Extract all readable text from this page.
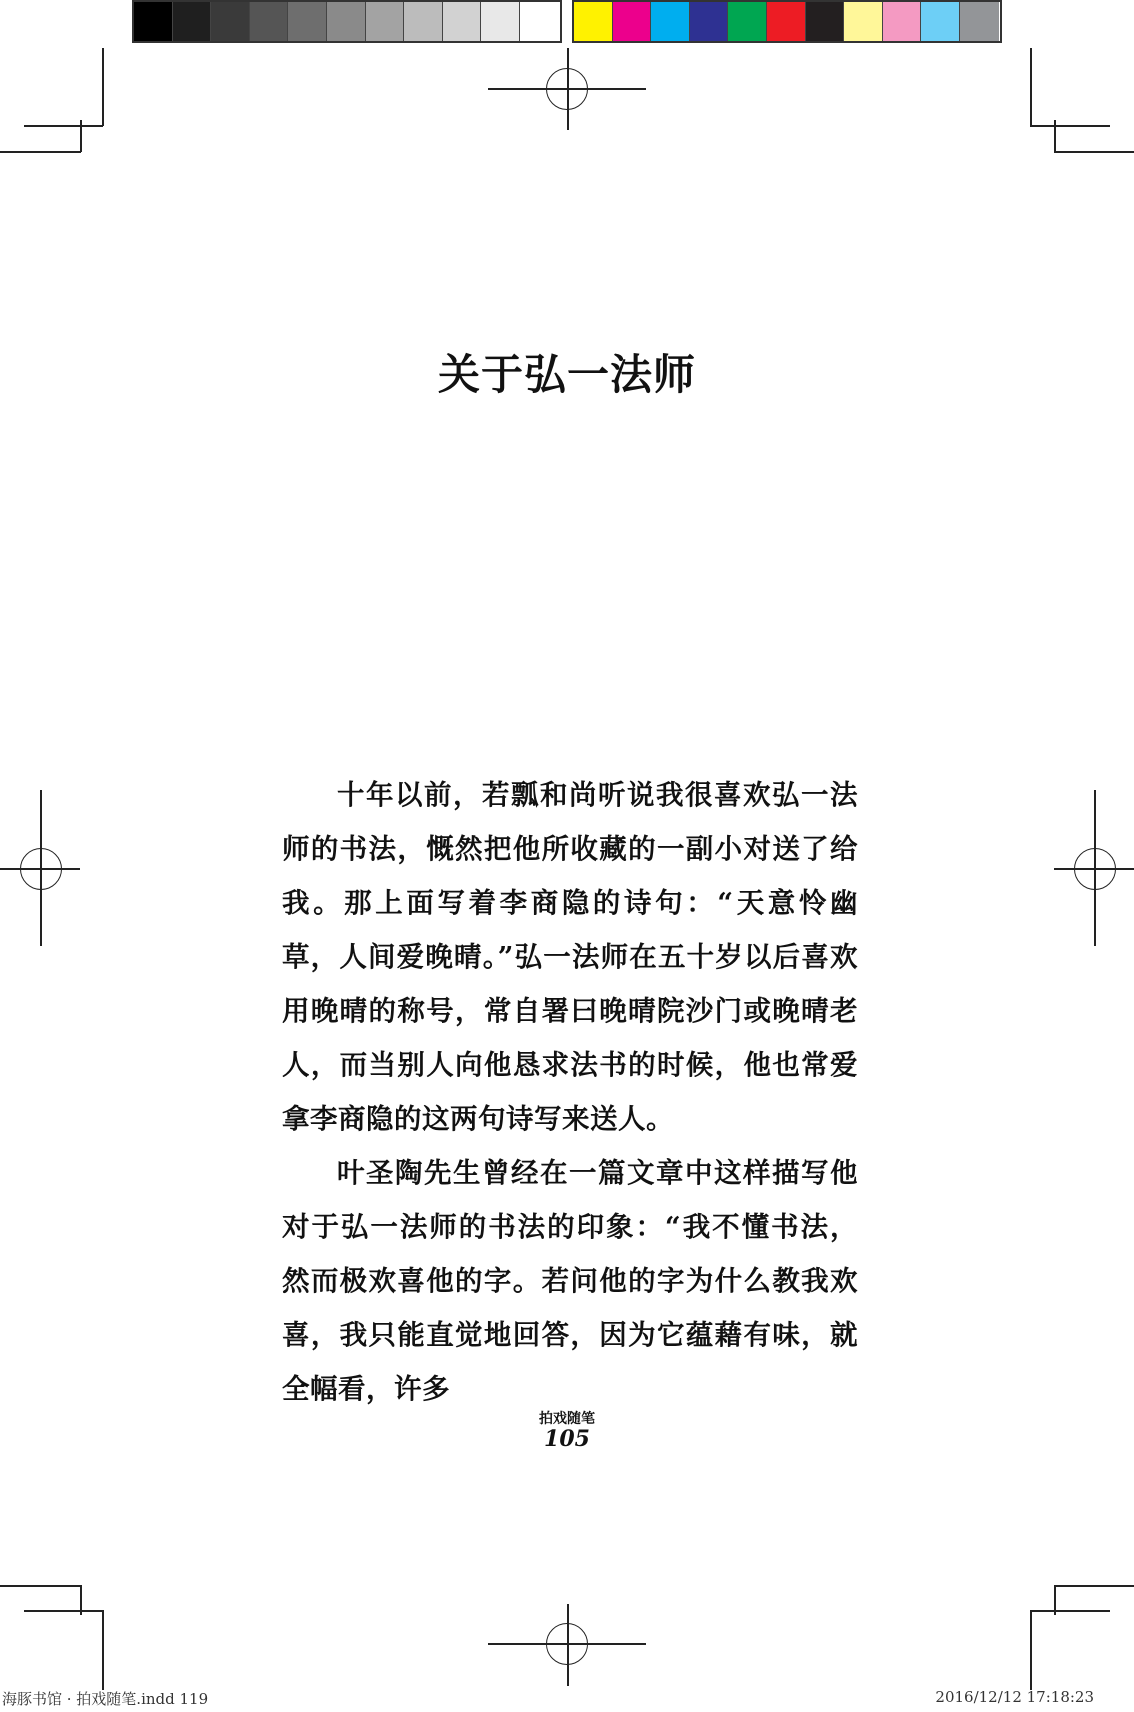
关于弘一法师

十年以前，若瓢和尚听说我很喜欢弘一法师的书法，慨然把他所收藏的一副小对送了给我。那上面写着李商隐的诗句：“天意怜幽草，人间爱晚晴。”弘一法师在五十岁以后喜欢用晚晴的称号，常自署曰晚晴院沙门或晚晴老人，而当别人向他恳求法书的时候，他也常爱拿李商隐的这两句诗写来送人。

叶圣陶先生曾经在一篇文章中这样描写他对于弘一法师的书法的印象：“我不懂书法，然而极欢喜他的字。若问他的字为什么教我欢喜，我只能直觉地回答，因为它蕴藉有味，就全幅看，许多

拍戏随笔
105
海豚书馆 · 拍戏随笔.indd 119	2016/12/12 17:18:23
